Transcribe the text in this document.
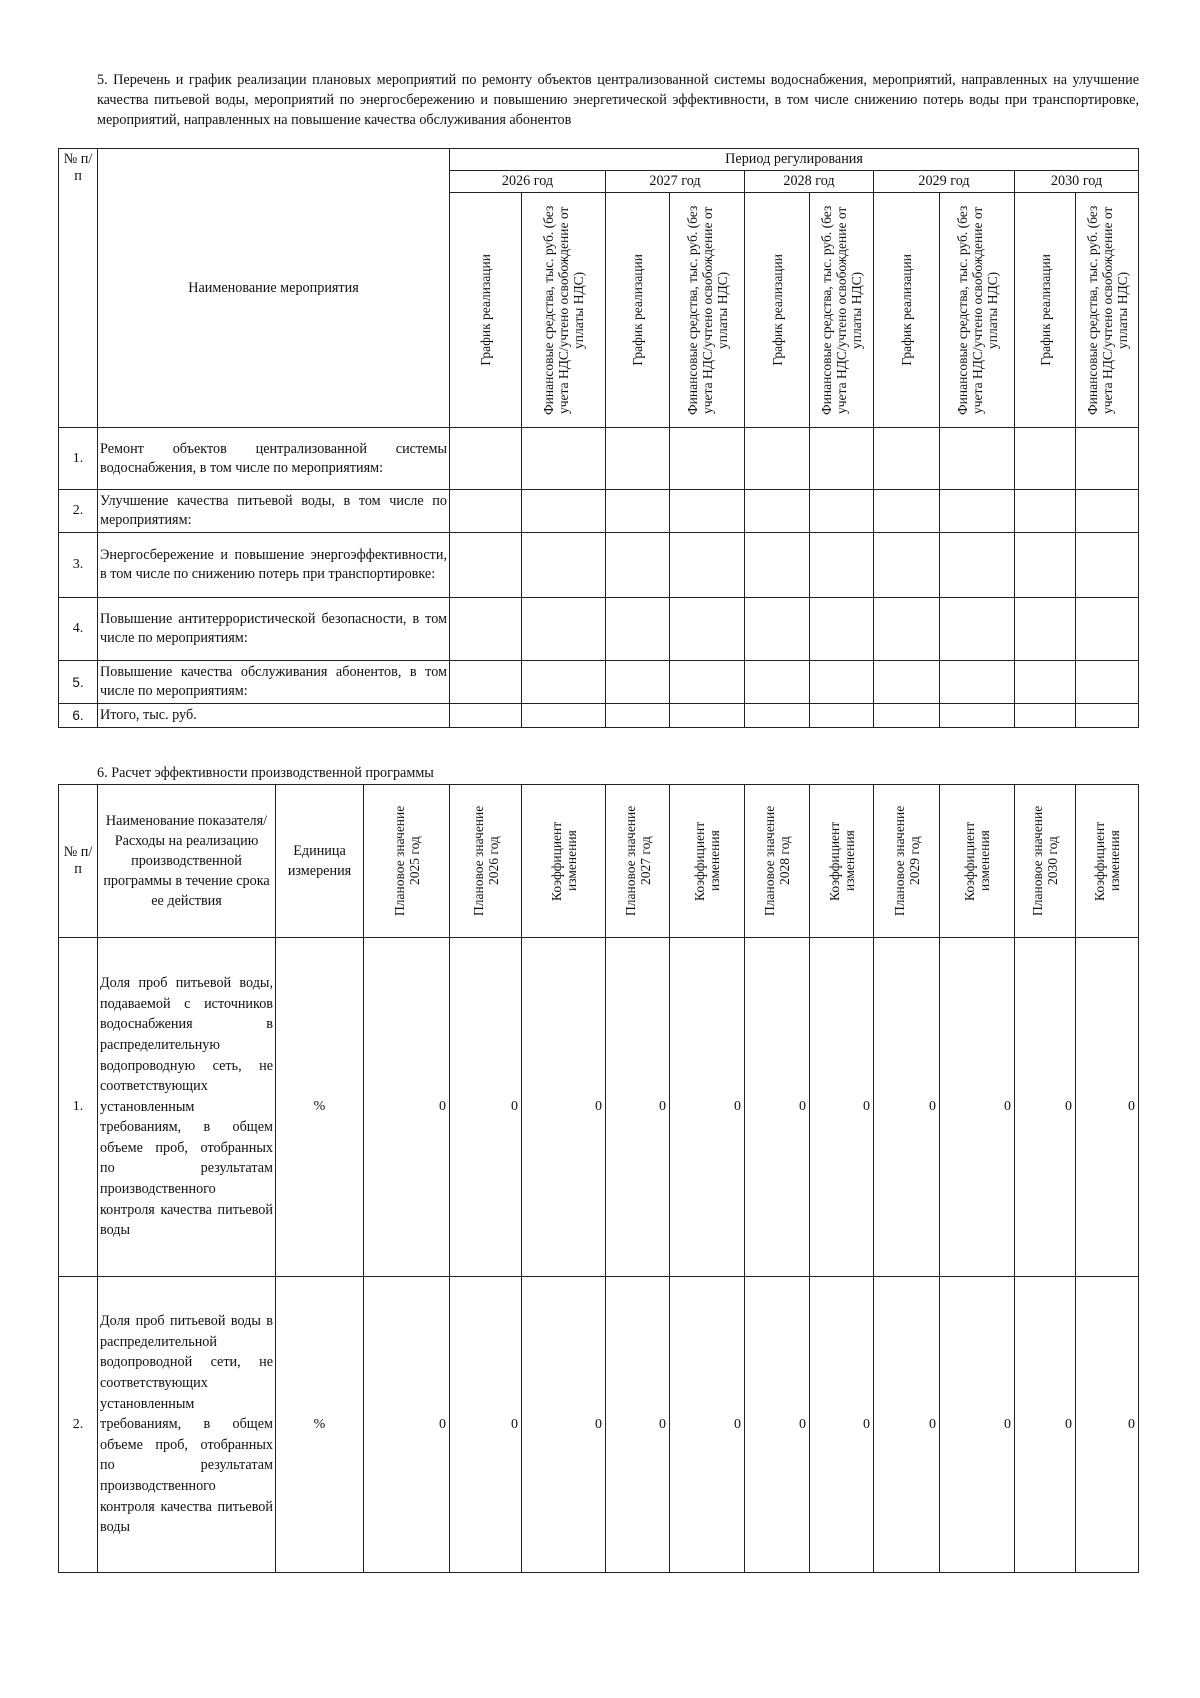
5. Перечень и график реализации плановых мероприятий по ремонту объектов централизованной системы водоснабжения, мероприятий, направленных на улучшение качества питьевой воды, мероприятий по энергосбережению и повышению энергетической эффективности, в том числе снижению потерь воды при транспортировке, мероприятий, направленных на повышение качества обслуживания абонентов
№ п/п	Наименование мероприятия	Период регулирования									
		2026 год		2027 год		2028 год		2029 год		2030 год	

		График реализации	Финансовые средства, тыс. руб. (без учета НДС/учтено освобождение от уплаты НДС)	График реализации	Финансовые средства, тыс. руб. (без учета НДС/учтено освобождение от уплаты НДС)	График реализации	Финансовые средства, тыс. руб. (без учета НДС/учтено освобождение от уплаты НДС)	График реализации	Финансовые средства, тыс. руб. (без учета НДС/учтено освобождение от уплаты НДС)	График реализации	Финансовые средства, тыс. руб. (без учета НДС/учтено освобождение от уплаты НДС)

1.	Ремонт объектов централизованной системы водоснабжения, в том числе по мероприятиям:										
2.	Улучшение качества питьевой воды, в том числе по мероприятиям:										
3.	Энергосбережение и повышение энергоэффективности, в том числе по снижению потерь при транспортировке:										
4.	Повышение антитеррористической безопасности, в том числе по мероприятиям:										
5.	Повышение качества обслуживания абонентов, в том числе по мероприятиям:										
6.	Итого, тыс. руб.										
6. Расчет эффективности производственной программы
№ п/п	Наименование показателя/Расходы на реализацию производственной программы в течение срока ее действия	Единица измерения	Плановое значение 2025 год	Плановое значение 2026 год	Коэффициент изменения	Плановое значение 2027 год	Коэффициент изменения	Плановое значение 2028 год	Коэффициент изменения	Плановое значение 2029 год	Коэффициент изменения	Плановое значение 2030 год	Коэффициент изменения

1.	Доля проб питьевой воды, подаваемой с источников водоснабжения в распределительную водопроводную сеть, не соответствующих установленным требованиям, в общем объеме проб, отобранных по результатам производственного контроля качества питьевой воды	%	0	0	0	0	0	0	0	0	0	0	0
2.	Доля проб питьевой воды в распределительной водопроводной сети, не соответствующих установленным требованиям, в общем объеме проб, отобранных по результатам производственного контроля качества питьевой воды	%	0	0	0	0	0	0	0	0	0	0	0
